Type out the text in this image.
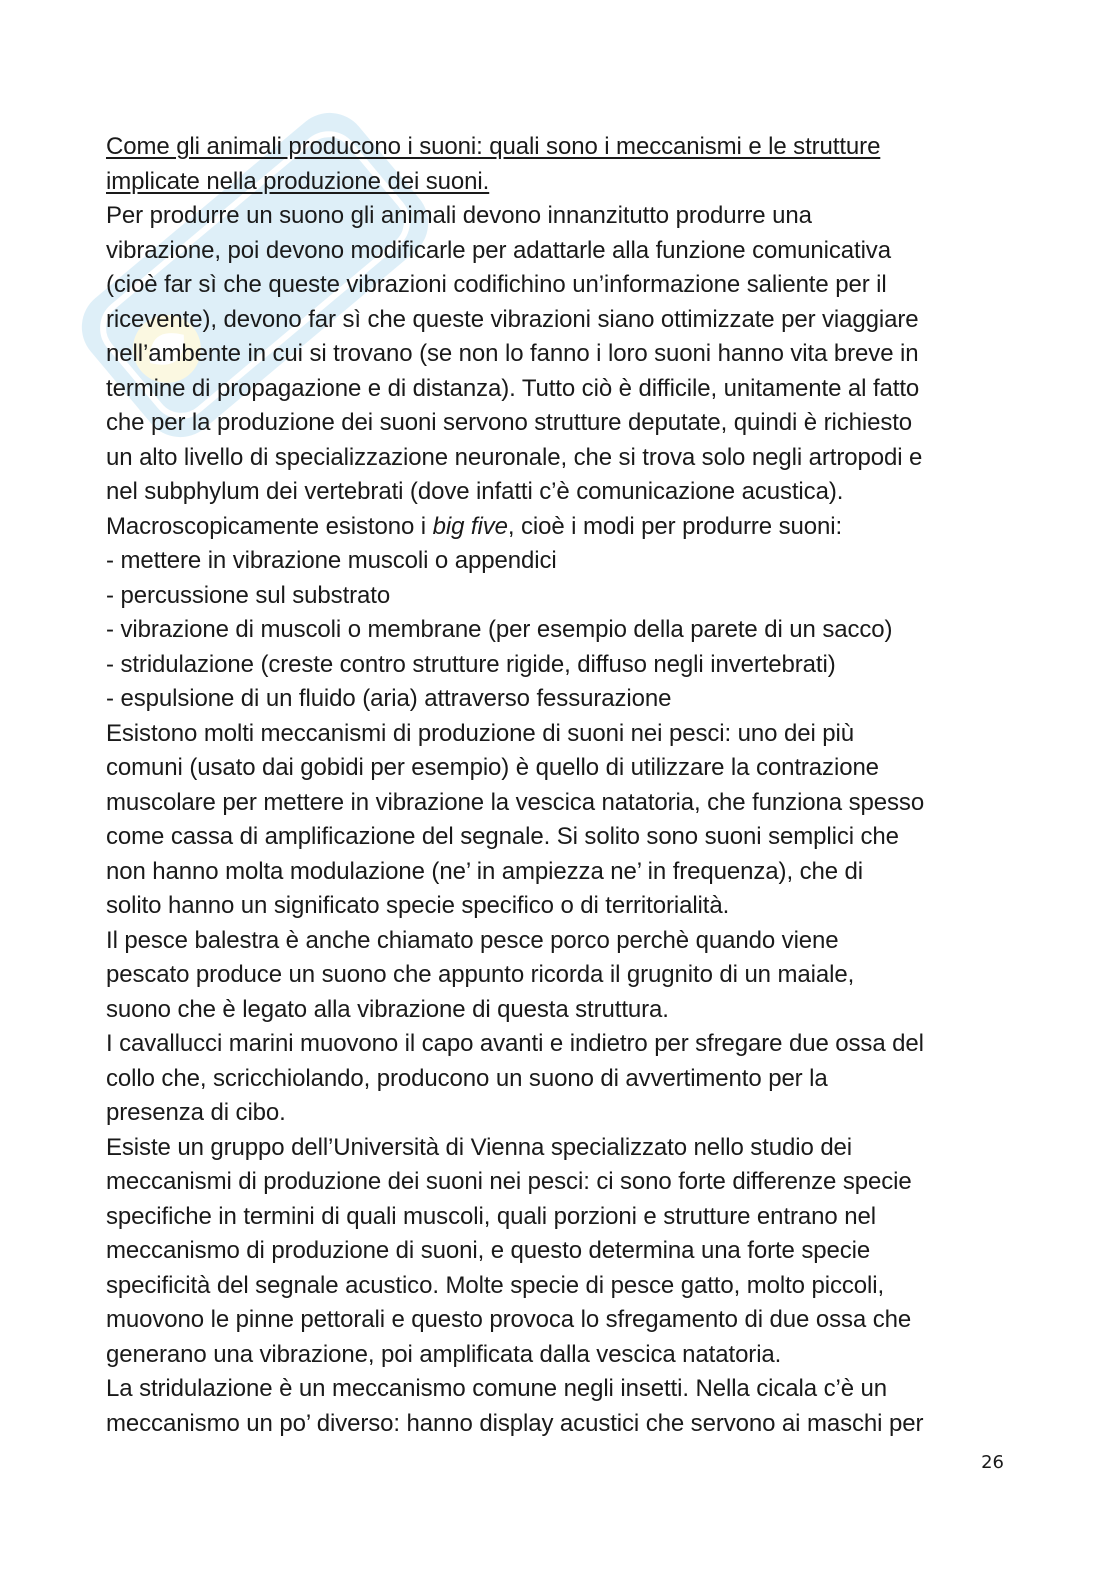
Come gli animali producono i suoni: quali sono i meccanismi e le strutture
implicate nella produzione dei suoni.
Per produrre un suono gli animali devono innanzitutto produrre una
vibrazione, poi devono modificarle per adattarle alla funzione comunicativa
(cioè far sì che queste vibrazioni codifichino un’informazione saliente per il
ricevente), devono far sì che queste vibrazioni siano ottimizzate per viaggiare
nell’ambente in cui si trovano (se non lo fanno i loro suoni hanno vita breve in
termine di propagazione e di distanza). Tutto ciò è difficile, unitamente al fatto
che per la produzione dei suoni servono strutture deputate, quindi è richiesto
un alto livello di specializzazione neuronale, che si trova solo negli artropodi e
nel subphylum dei vertebrati (dove infatti c’è comunicazione acustica).
Macroscopicamente esistono i big five, cioè i modi per produrre suoni:
- mettere in vibrazione muscoli o appendici
- percussione sul substrato
- vibrazione di muscoli o membrane (per esempio della parete di un sacco)
- stridulazione (creste contro strutture rigide, diffuso negli invertebrati)
- espulsione di un fluido (aria) attraverso fessurazione
Esistono molti meccanismi di produzione di suoni nei pesci: uno dei più
comuni (usato dai gobidi per esempio) è quello di utilizzare la contrazione
muscolare per mettere in vibrazione la vescica natatoria, che funziona spesso
come cassa di amplificazione del segnale. Si solito sono suoni semplici che
non hanno molta modulazione (ne’ in ampiezza ne’ in frequenza), che di
solito hanno un significato specie specifico o di territorialità.
Il pesce balestra è anche chiamato pesce porco perchè quando viene
pescato produce un suono che appunto ricorda il grugnito di un maiale,
suono che è legato alla vibrazione di questa struttura.
I cavallucci marini muovono il capo avanti e indietro per sfregare due ossa del
collo che, scricchiolando, producono un suono di avvertimento per la
presenza di cibo.
Esiste un gruppo dell’Università di Vienna specializzato nello studio dei
meccanismi di produzione dei suoni nei pesci: ci sono forte differenze specie
specifiche in termini di quali muscoli, quali porzioni e strutture entrano nel
meccanismo di produzione di suoni, e questo determina una forte specie
specificità del segnale acustico. Molte specie di pesce gatto, molto piccoli,
muovono le pinne pettorali e questo provoca lo sfregamento di due ossa che
generano una vibrazione, poi amplificata dalla vescica natatoria.
La stridulazione è un meccanismo comune negli insetti. Nella cicala c’è un
meccanismo un po’ diverso: hanno display acustici che servono ai maschi per
26
